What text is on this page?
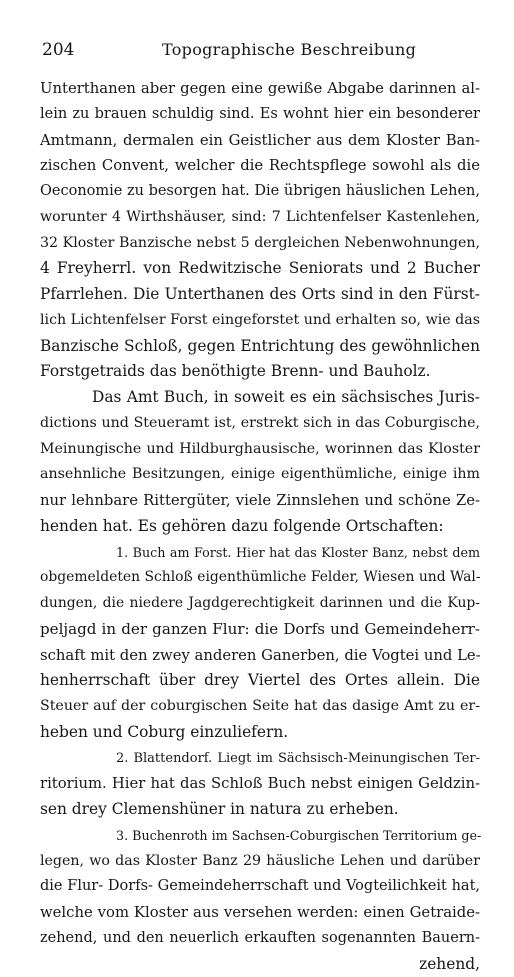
204	Topographische Beschreibung
Unterthanen aber gegen eine gewiße Abgabe darinnen al-
lein zu brauen schuldig sind. Es wohnt hier ein besonderer
Amtmann, dermalen ein Geistlicher aus dem Kloster Ban-
zischen Convent, welcher die Rechtspflege sowohl als die
Oeconomie zu besorgen hat. Die übrigen häuslichen Lehen,
worunter 4 Wirthshäuser, sind: 7 Lichtenfelser Kastenlehen,
32 Kloster Banzische nebst 5 dergleichen Nebenwohnungen,
4 Freyherrl. von Redwitzische Seniorats und 2 Bucher
Pfarrlehen. Die Unterthanen des Orts sind in den Fürst-
lich Lichtenfelser Forst eingeforstet und erhalten so, wie das
Banzische Schloß, gegen Entrichtung des gewöhnlichen
Forstgetraids das benöthigte Brenn- und Bauholz.
Das Amt Buch, in soweit es ein sächsisches Juris-
dictions und Steueramt ist, erstrekt sich in das Coburgische,
Meinungische und Hildburghausische, worinnen das Kloster
ansehnliche Besitzungen, einige eigenthümliche, einige ihm
nur lehnbare Rittergüter, viele Zinnslehen und schöne Ze-
henden hat. Es gehören dazu folgende Ortschaften:
1. Buch am Forst. Hier hat das Kloster Banz, nebst dem
obgemeldeten Schloß eigenthümliche Felder, Wiesen und Wal-
dungen, die niedere Jagdgerechtigkeit darinnen und die Kup-
peljagd in der ganzen Flur: die Dorfs und Gemeindeherr-
schaft mit den zwey anderen Ganerben, die Vogtei und Le-
henherrschaft über drey Viertel des Ortes allein. Die
Steuer auf der coburgischen Seite hat das dasige Amt zu er-
heben und Coburg einzuliefern.
2. Blattendorf. Liegt im Sächsisch-Meinungischen Ter-
ritorium. Hier hat das Schloß Buch nebst einigen Geldzin-
sen drey Clemenshüner in natura zu erheben.
3. Buchenroth im Sachsen-Coburgischen Territorium ge-
legen, wo das Kloster Banz 29 häusliche Lehen und darüber
die Flur- Dorfs- Gemeindeherrschaft und Vogteilichkeit hat,
welche vom Kloster aus versehen werden: einen Getraide-
zehend, und den neuerlich erkauften sogenannten Bauern-
zehend,
